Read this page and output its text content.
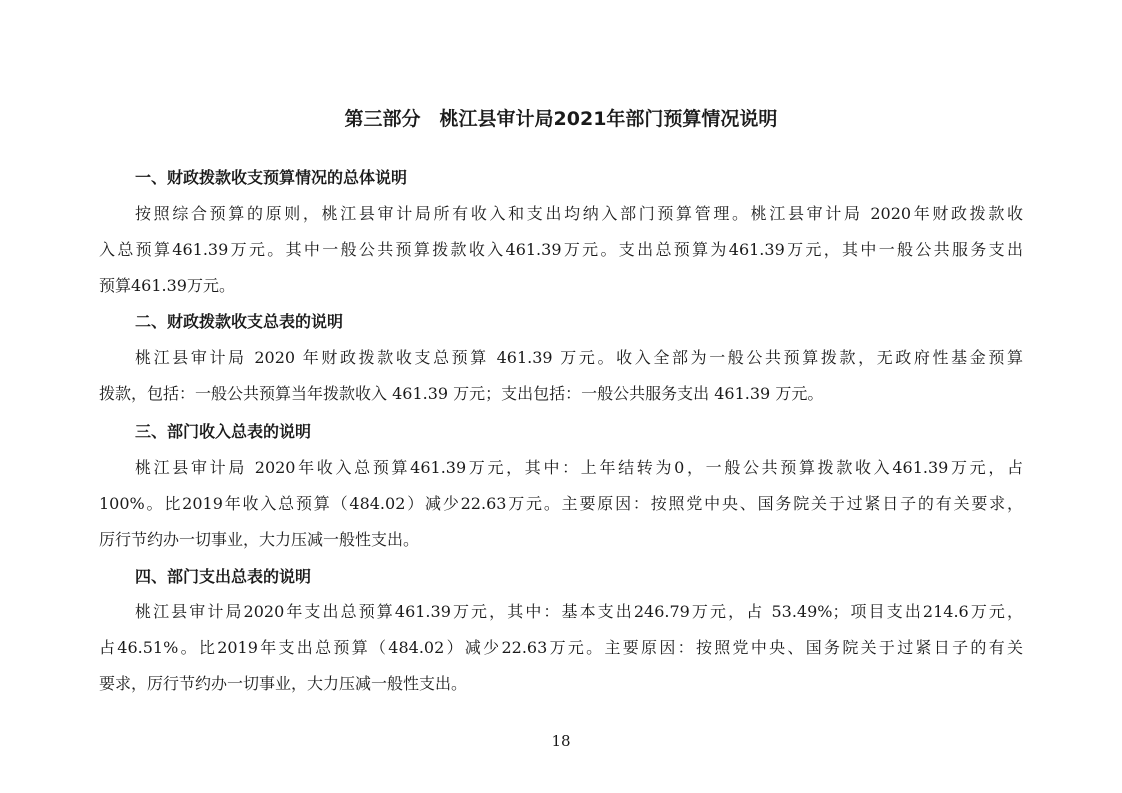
第三部分　桃江县审计局2021年部门预算情况说明
一、财政拨款收支预算情况的总体说明
按照综合预算的原则，桃江县审计局所有收入和支出均纳入部门预算管理。桃江县审计局 2020年财政拨款收
入总预算461.39万元。其中一般公共预算拨款收入461.39万元。支出总预算为461.39万元，其中一般公共服务支出
预算461.39万元。
二、财政拨款收支总表的说明
桃江县审计局 2020 年财政拨款收支总预算 461.39 万元。收入全部为一般公共预算拨款，无政府性基金预算
拨款，包括：一般公共预算当年拨款收入 461.39 万元；支出包括：一般公共服务支出 461.39 万元。
三、部门收入总表的说明
桃江县审计局 2020年收入总预算461.39万元，其中：上年结转为0，一般公共预算拨款收入461.39万元，占
100%。比2019年收入总预算（484.02）减少22.63万元。主要原因：按照党中央、国务院关于过紧日子的有关要求，
厉行节约办一切事业，大力压减一般性支出。
四、部门支出总表的说明
桃江县审计局2020年支出总预算461.39万元，其中：基本支出246.79万元，占 53.49%；项目支出214.6万元，
占46.51%。比2019年支出总预算（484.02）减少22.63万元。主要原因：按照党中央、国务院关于过紧日子的有关
要求，厉行节约办一切事业，大力压减一般性支出。
18
